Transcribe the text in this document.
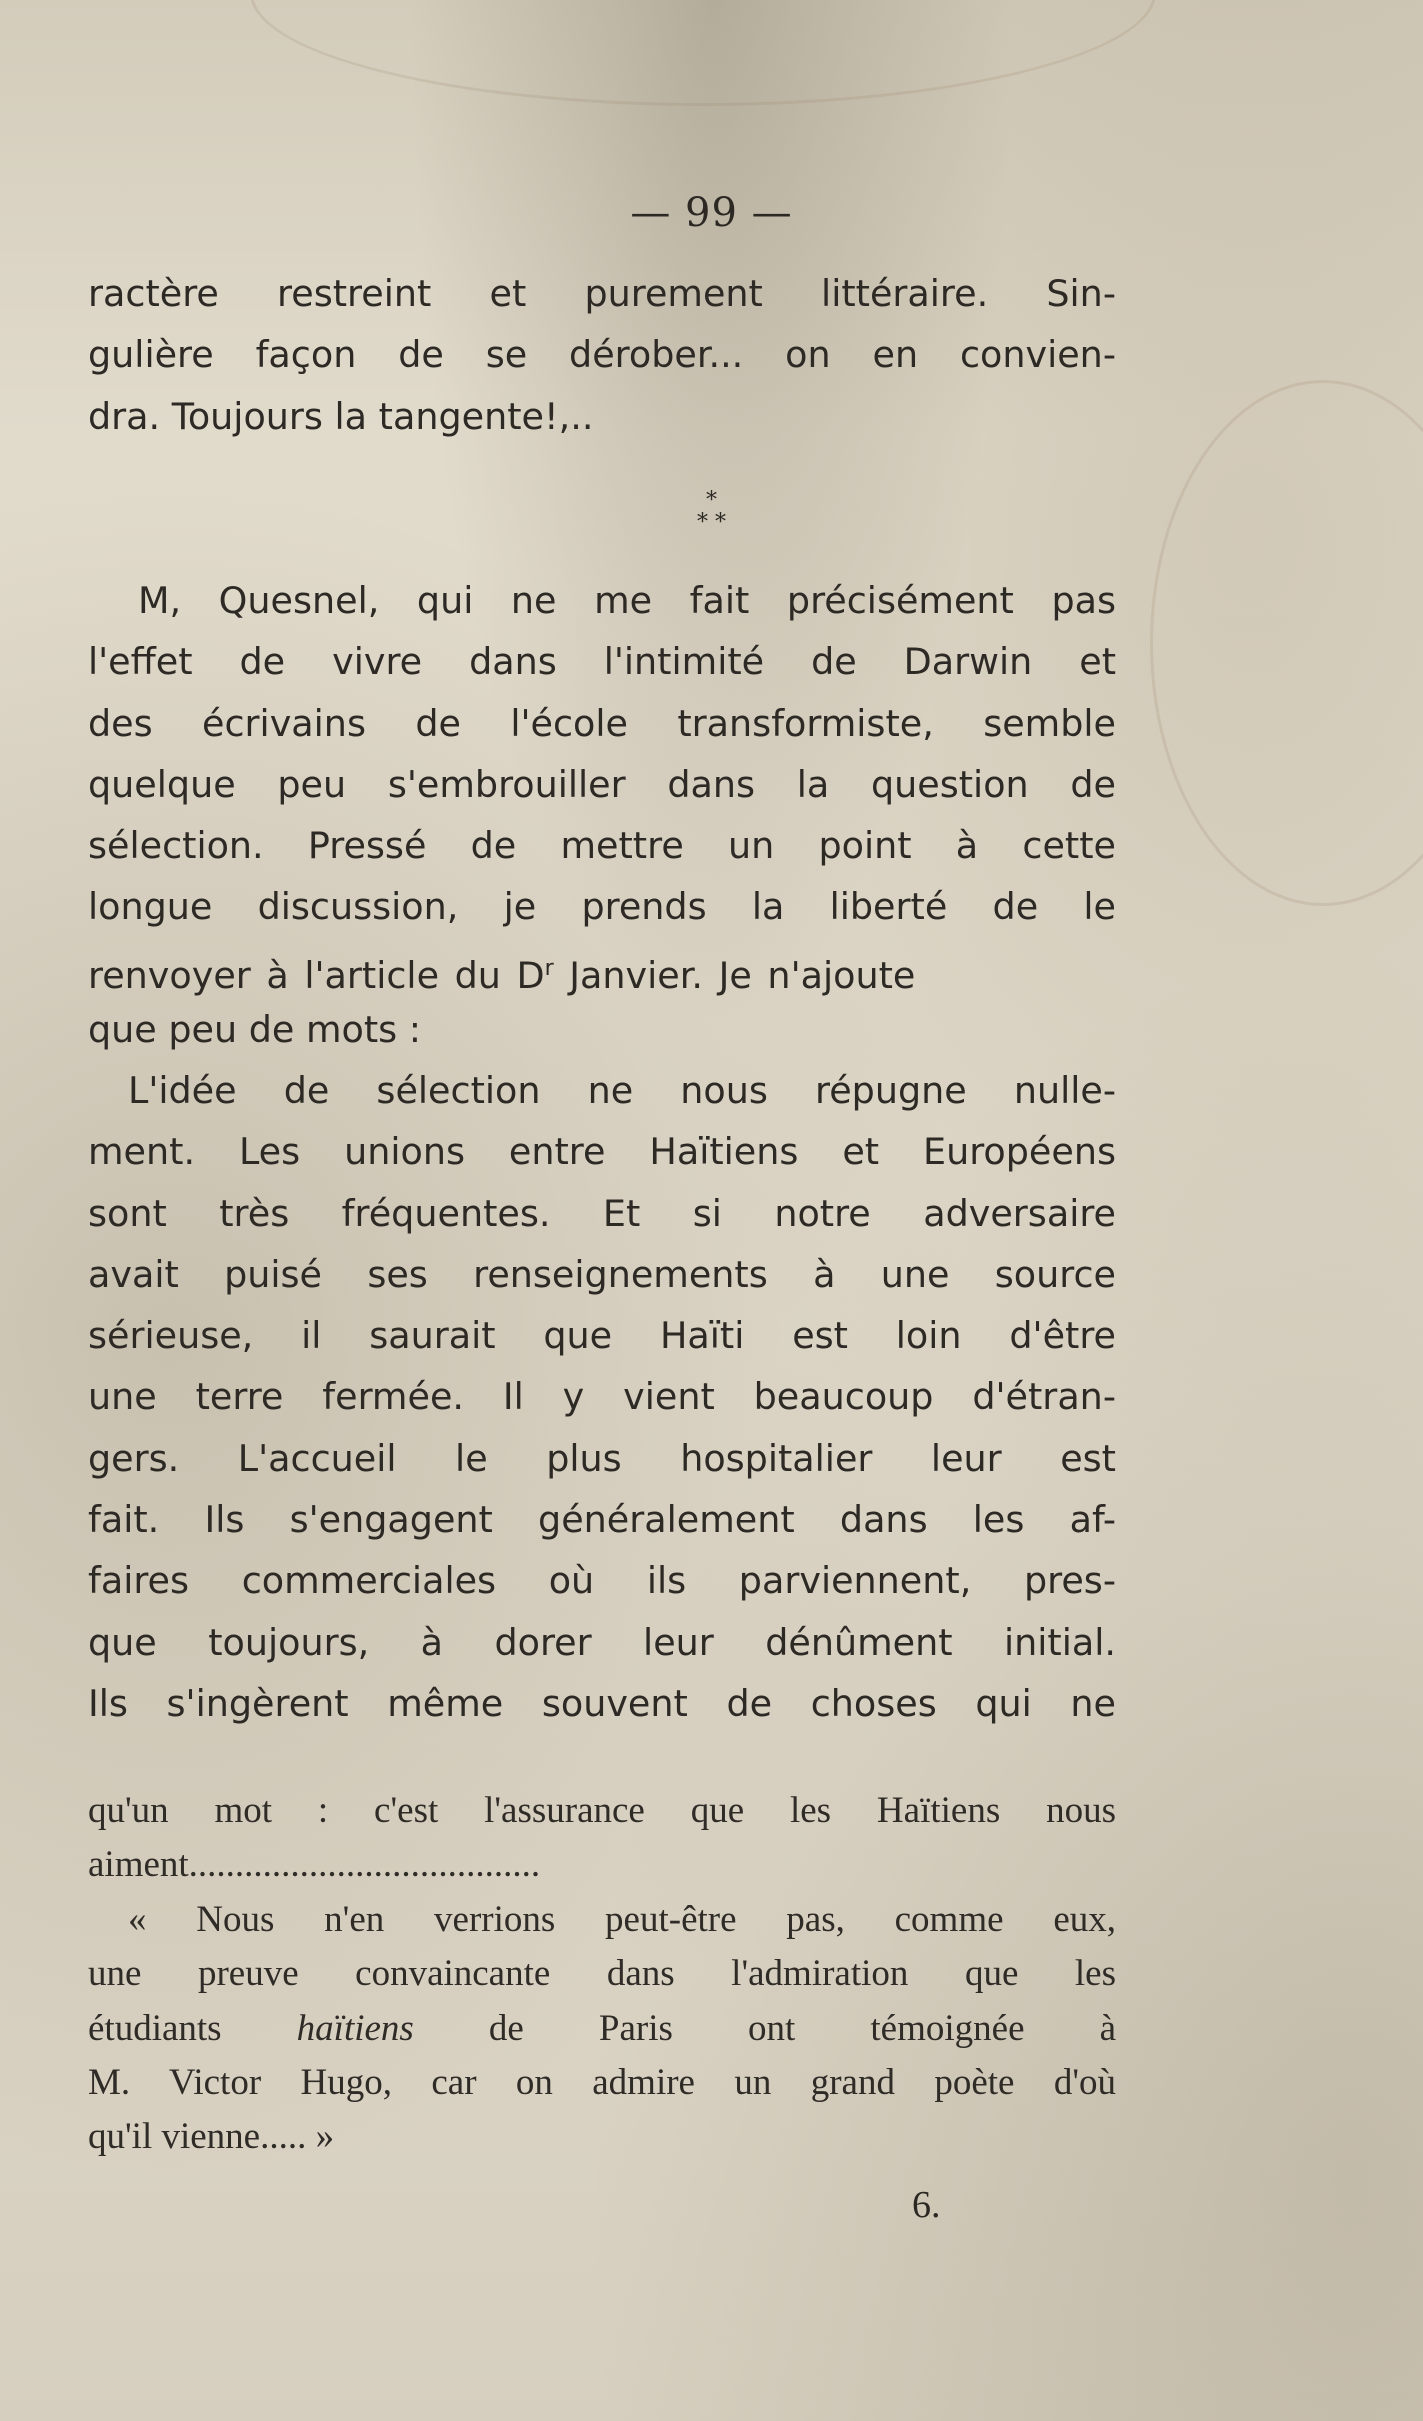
— 99 —
ractère restreint et purement littéraire. Sin-
gulière façon de se dérober... on en convien-
dra. Toujours la tangente!,..
*
* *
M, Quesnel, qui ne me fait précisément pas
l'effet de vivre dans l'intimité de Darwin et
des écrivains de l'école transformiste, semble
quelque peu s'embrouiller dans la question de
sélection. Pressé de mettre un point à cette
longue discussion, je prends la liberté de le
renvoyer à l'article du $D^r$ Janvier. Je n'ajoute
que peu de mots :
L'idée de sélection ne nous répugne nulle-
ment. Les unions entre Haïtiens et Européens
sont très fréquentes. Et si notre adversaire
avait puisé ses renseignements à une source
sérieuse, il saurait que Haïti est loin d'être
une terre fermée. Il y vient beaucoup d'étran-
gers. L'accueil le plus hospitalier leur est
fait. Ils s'engagent généralement dans les af-
faires commerciales où ils parviennent, pres-
que toujours, à dorer leur dénûment initial.
Ils s'ingèrent même souvent de choses qui ne
qu'un mot : c'est l'assurance que les Haïtiens nous
aiment......................................
« Nous n'en verrions peut-être pas, comme eux,
une preuve convaincante dans l'admiration que les
étudiants haïtiens de Paris ont témoignée à
M. Victor Hugo, car on admire un grand poète d'où
qu'il vienne..... »
6.
